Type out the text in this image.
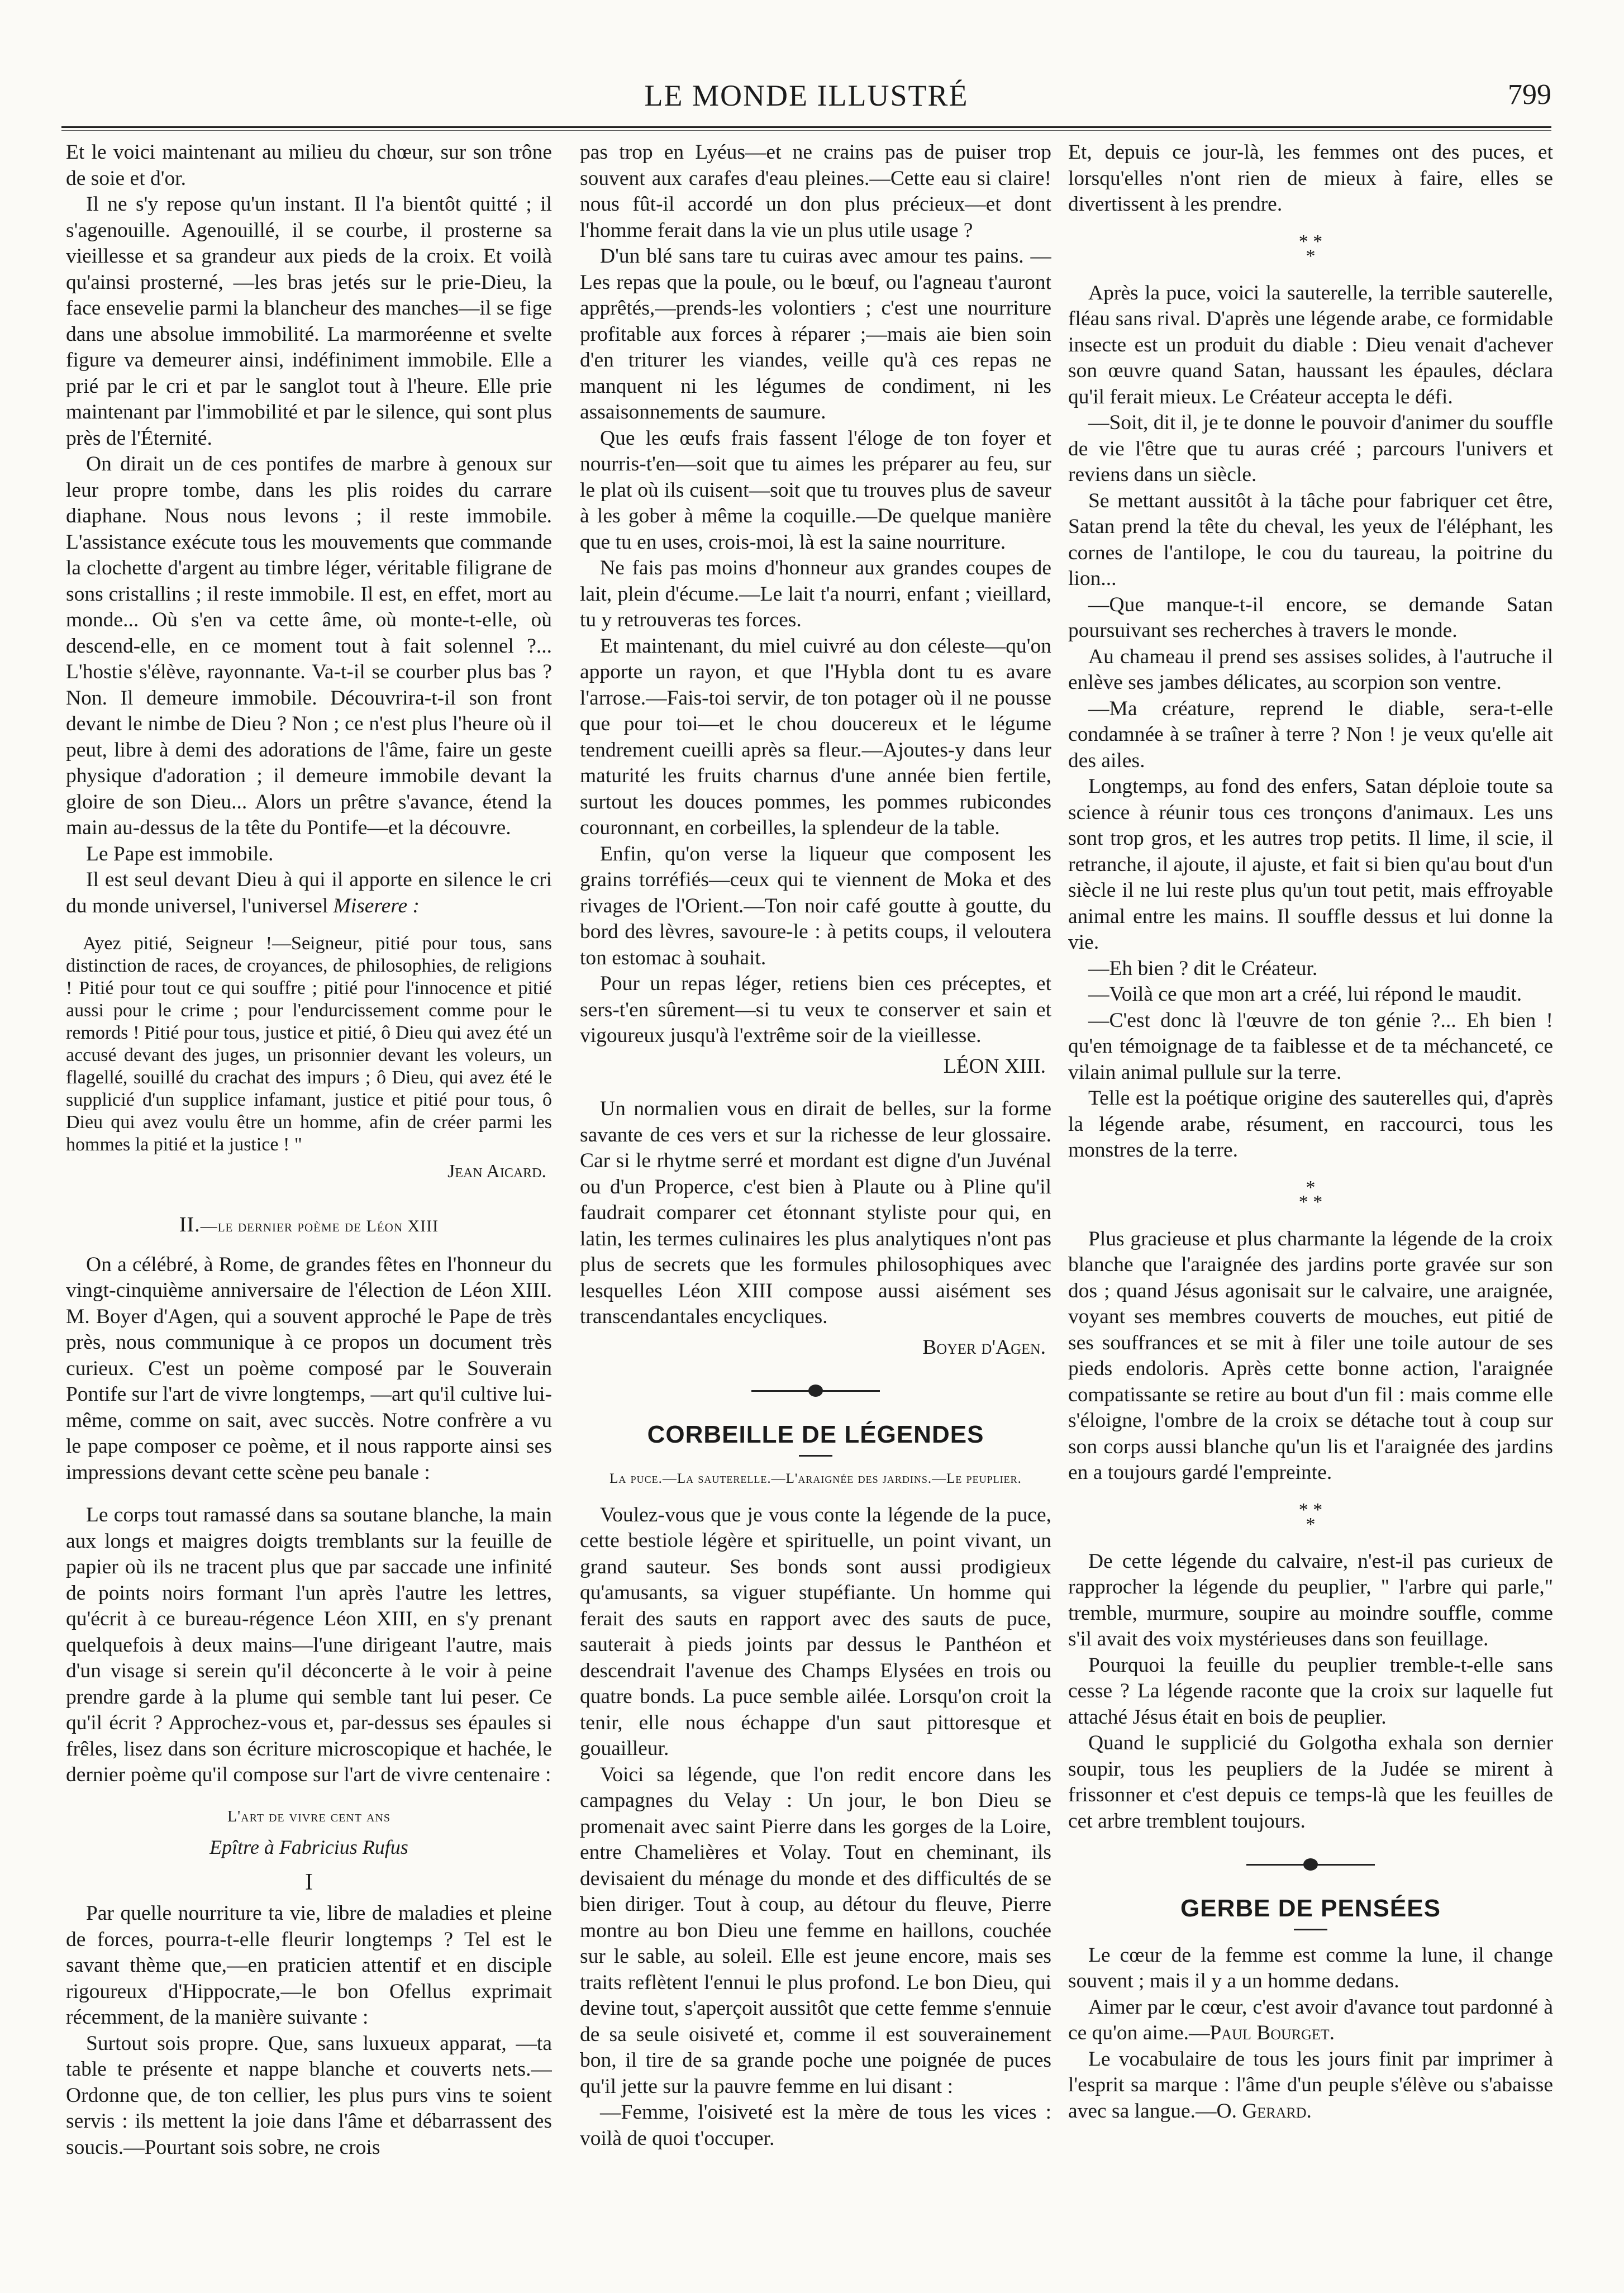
LE MONDE ILLUSTRÉ	799

Et le voici maintenant au milieu du chœur, sur son trône de soie et d'or.

Il ne s'y repose qu'un instant. Il l'a bientôt quitté ; il s'agenouille. Agenouillé, il se courbe, il prosterne sa vieillesse et sa grandeur aux pieds de la croix. Et voilà qu'ainsi prosterné, —les bras jetés sur le prie-Dieu, la face ensevelie parmi la blancheur des manches—il se fige dans une absolue immobilité. La marmoréenne et svelte figure va demeurer ainsi, indéfiniment immobile. Elle a prié par le cri et par le sanglot tout à l'heure. Elle prie maintenant par l'immobilité et par le silence, qui sont plus près de l'Éternité.

On dirait un de ces pontifes de marbre à genoux sur leur propre tombe, dans les plis roides du carrare diaphane. Nous nous levons ; il reste immobile. L'assistance exécute tous les mouvements que commande la clochette d'argent au timbre léger, véritable filigrane de sons cristallins ; il reste immobile. Il est, en effet, mort au monde... Où s'en va cette âme, où monte-t-elle, où descend-elle, en ce moment tout à fait solennel ?... L'hostie s'élève, rayonnante. Va-t-il se courber plus bas ? Non. Il demeure immobile. Découvrira-t-il son front devant le nimbe de Dieu ? Non ; ce n'est plus l'heure où il peut, libre à demi des adorations de l'âme, faire un geste physique d'adoration ; il demeure immobile devant la gloire de son Dieu... Alors un prêtre s'avance, étend la main au-dessus de la tête du Pontife—et la découvre.

Le Pape est immobile.

Il est seul devant Dieu à qui il apporte en silence le cri du monde universel, l'universel Miserere :

Ayez pitié, Seigneur !—Seigneur, pitié pour tous, sans distinction de races, de croyances, de philosophies, de religions ! Pitié pour tout ce qui souffre ; pitié pour l'innocence et pitié aussi pour le crime ; pour l'endurcissement comme pour le remords ! Pitié pour tous, justice et pitié, ô Dieu qui avez été un accusé devant des juges, un prisonnier devant les voleurs, un flagellé, souillé du crachat des impurs ; ô Dieu, qui avez été le supplicié d'un supplice infamant, justice et pitié pour tous, ô Dieu qui avez voulu être un homme, afin de créer parmi les hommes la pitié et la justice ! "

Jean Aicard.
II.—le dernier poème de Léon XIII

On a célébré, à Rome, de grandes fêtes en l'honneur du vingt-cinquième anniversaire de l'élection de Léon XIII. M. Boyer d'Agen, qui a souvent approché le Pape de très près, nous communique à ce propos un document très curieux. C'est un poème composé par le Souverain Pontife sur l'art de vivre longtemps, —art qu'il cultive lui-même, comme on sait, avec succès. Notre confrère a vu le pape composer ce poème, et il nous rapporte ainsi ses impressions devant cette scène peu banale :

Le corps tout ramassé dans sa soutane blanche, la main aux longs et maigres doigts tremblants sur la feuille de papier où ils ne tracent plus que par saccade une infinité de points noirs formant l'un après l'autre les lettres, qu'écrit à ce bureau-régence Léon XIII, en s'y prenant quelquefois à deux mains—l'une dirigeant l'autre, mais d'un visage si serein qu'il déconcerte à le voir à peine prendre garde à la plume qui semble tant lui peser. Ce qu'il écrit ? Approchez-vous et, par-dessus ses épaules si frêles, lisez dans son écriture microscopique et hachée, le dernier poème qu'il compose sur l'art de vivre centenaire :

L'art de vivre cent ans
Epître à Fabricius Rufus
I

Par quelle nourriture ta vie, libre de maladies et pleine de forces, pourra-t-elle fleurir longtemps ? Tel est le savant thème que,—en praticien attentif et en disciple rigoureux d'Hippocrate,—le bon Ofellus exprimait récemment, de la manière suivante :

Surtout sois propre. Que, sans luxueux apparat, —ta table te présente et nappe blanche et couverts nets.—Ordonne que, de ton cellier, les plus purs vins te soient servis : ils mettent la joie dans l'âme et débarrassent des soucis.—Pourtant sois sobre, ne crois

pas trop en Lyéus—et ne crains pas de puiser trop souvent aux carafes d'eau pleines.—Cette eau si claire! nous fût-il accordé un don plus précieux—et dont l'homme ferait dans la vie un plus utile usage ?

D'un blé sans tare tu cuiras avec amour tes pains. —Les repas que la poule, ou le bœuf, ou l'agneau t'auront apprêtés,—prends-les volontiers ; c'est une nourriture profitable aux forces à réparer ;—mais aie bien soin d'en triturer les viandes, veille qu'à ces repas ne manquent ni les légumes de condiment, ni les assaisonnements de saumure.

Que les œufs frais fassent l'éloge de ton foyer et nourris-t'en—soit que tu aimes les préparer au feu, sur le plat où ils cuisent—soit que tu trouves plus de saveur à les gober à même la coquille.—De quelque manière que tu en uses, crois-moi, là est la saine nourriture.

Ne fais pas moins d'honneur aux grandes coupes de lait, plein d'écume.—Le lait t'a nourri, enfant ; vieillard, tu y retrouveras tes forces.

Et maintenant, du miel cuivré au don céleste—qu'on apporte un rayon, et que l'Hybla dont tu es avare l'arrose.—Fais-toi servir, de ton potager où il ne pousse que pour toi—et le chou doucereux et le légume tendrement cueilli après sa fleur.—Ajoutes-y dans leur maturité les fruits charnus d'une année bien fertile, surtout les douces pommes, les pommes rubicondes couronnant, en corbeilles, la splendeur de la table.

Enfin, qu'on verse la liqueur que composent les grains torréfiés—ceux qui te viennent de Moka et des rivages de l'Orient.—Ton noir café goutte à goutte, du bord des lèvres, savoure-le : à petits coups, il veloutera ton estomac à souhait.

Pour un repas léger, retiens bien ces préceptes, et sers-t'en sûrement—si tu veux te conserver et sain et vigoureux jusqu'à l'extrême soir de la vieillesse.

LÉON XIII.

Un normalien vous en dirait de belles, sur la forme savante de ces vers et sur la richesse de leur glossaire. Car si le rhytme serré et mordant est digne d'un Juvénal ou d'un Properce, c'est bien à Plaute ou à Pline qu'il faudrait comparer cet étonnant styliste pour qui, en latin, les termes culinaires les plus analytiques n'ont pas plus de secrets que les formules philosophiques avec lesquelles Léon XIII compose aussi aisément ses transcendantales encycliques.

Boyer d'Agen.
CORBEILLE DE LÉGENDES
La puce.—La sauterelle.—L'araignée des jardins.—Le peuplier.

Voulez-vous que je vous conte la légende de la puce, cette bestiole légère et spirituelle, un point vivant, un grand sauteur. Ses bonds sont aussi prodigieux qu'amusants, sa viguer stupéfiante. Un homme qui ferait des sauts en rapport avec des sauts de puce, sauterait à pieds joints par dessus le Panthéon et descendrait l'avenue des Champs Elysées en trois ou quatre bonds. La puce semble ailée. Lorsqu'on croit la tenir, elle nous échappe d'un saut pittoresque et gouailleur.

Voici sa légende, que l'on redit encore dans les campagnes du Velay : Un jour, le bon Dieu se promenait avec saint Pierre dans les gorges de la Loire, entre Chamelières et Volay. Tout en cheminant, ils devisaient du ménage du monde et des difficultés de se bien diriger. Tout à coup, au détour du fleuve, Pierre montre au bon Dieu une femme en haillons, couchée sur le sable, au soleil. Elle est jeune encore, mais ses traits reflètent l'ennui le plus profond. Le bon Dieu, qui devine tout, s'aperçoit aussitôt que cette femme s'ennuie de sa seule oisiveté et, comme il est souverainement bon, il tire de sa grande poche une poignée de puces qu'il jette sur la pauvre femme en lui disant :

—Femme, l'oisiveté est la mère de tous les vices : voilà de quoi t'occuper.

Et, depuis ce jour-là, les femmes ont des puces, et lorsqu'elles n'ont rien de mieux à faire, elles se divertissent à les prendre.

* *
*

Après la puce, voici la sauterelle, la terrible sauterelle, fléau sans rival. D'après une légende arabe, ce formidable insecte est un produit du diable : Dieu venait d'achever son œuvre quand Satan, haussant les épaules, déclara qu'il ferait mieux. Le Créateur accepta le défi.

—Soit, dit il, je te donne le pouvoir d'animer du souffle de vie l'être que tu auras créé ; parcours l'univers et reviens dans un siècle.

Se mettant aussitôt à la tâche pour fabriquer cet être, Satan prend la tête du cheval, les yeux de l'éléphant, les cornes de l'antilope, le cou du taureau, la poitrine du lion...

—Que manque-t-il encore, se demande Satan poursuivant ses recherches à travers le monde.

Au chameau il prend ses assises solides, à l'autruche il enlève ses jambes délicates, au scorpion son ventre.

—Ma créature, reprend le diable, sera-t-elle condamnée à se traîner à terre ? Non ! je veux qu'elle ait des ailes.

Longtemps, au fond des enfers, Satan déploie toute sa science à réunir tous ces tronçons d'animaux. Les uns sont trop gros, et les autres trop petits. Il lime, il scie, il retranche, il ajoute, il ajuste, et fait si bien qu'au bout d'un siècle il ne lui reste plus qu'un tout petit, mais effroyable animal entre les mains. Il souffle dessus et lui donne la vie.

—Eh bien ? dit le Créateur.

—Voilà ce que mon art a créé, lui répond le maudit.

—C'est donc là l'œuvre de ton génie ?... Eh bien ! qu'en témoignage de ta faiblesse et de ta méchanceté, ce vilain animal pullule sur la terre.

Telle est la poétique origine des sauterelles qui, d'après la légende arabe, résument, en raccourci, tous les monstres de la terre.

*
* *

Plus gracieuse et plus charmante la légende de la croix blanche que l'araignée des jardins porte gravée sur son dos ; quand Jésus agonisait sur le calvaire, une araignée, voyant ses membres couverts de mouches, eut pitié de ses souffrances et se mit à filer une toile autour de ses pieds endoloris. Après cette bonne action, l'araignée compatissante se retire au bout d'un fil : mais comme elle s'éloigne, l'ombre de la croix se détache tout à coup sur son corps aussi blanche qu'un lis et l'araignée des jardins en a toujours gardé l'empreinte.

* *
*

De cette légende du calvaire, n'est-il pas curieux de rapprocher la légende du peuplier, " l'arbre qui parle," tremble, murmure, soupire au moindre souffle, comme s'il avait des voix mystérieuses dans son feuillage.

Pourquoi la feuille du peuplier tremble-t-elle sans cesse ? La légende raconte que la croix sur laquelle fut attaché Jésus était en bois de peuplier.

Quand le supplicié du Golgotha exhala son dernier soupir, tous les peupliers de la Judée se mirent à frissonner et c'est depuis ce temps-là que les feuilles de cet arbre tremblent toujours.

GERBE DE PENSÉES

Le cœur de la femme est comme la lune, il change souvent ; mais il y a un homme dedans.

Aimer par le cœur, c'est avoir d'avance tout pardonné à ce qu'on aime.—Paul Bourget.

Le vocabulaire de tous les jours finit par imprimer à l'esprit sa marque : l'âme d'un peuple s'élève ou s'abaisse avec sa langue.—O. Gerard.
